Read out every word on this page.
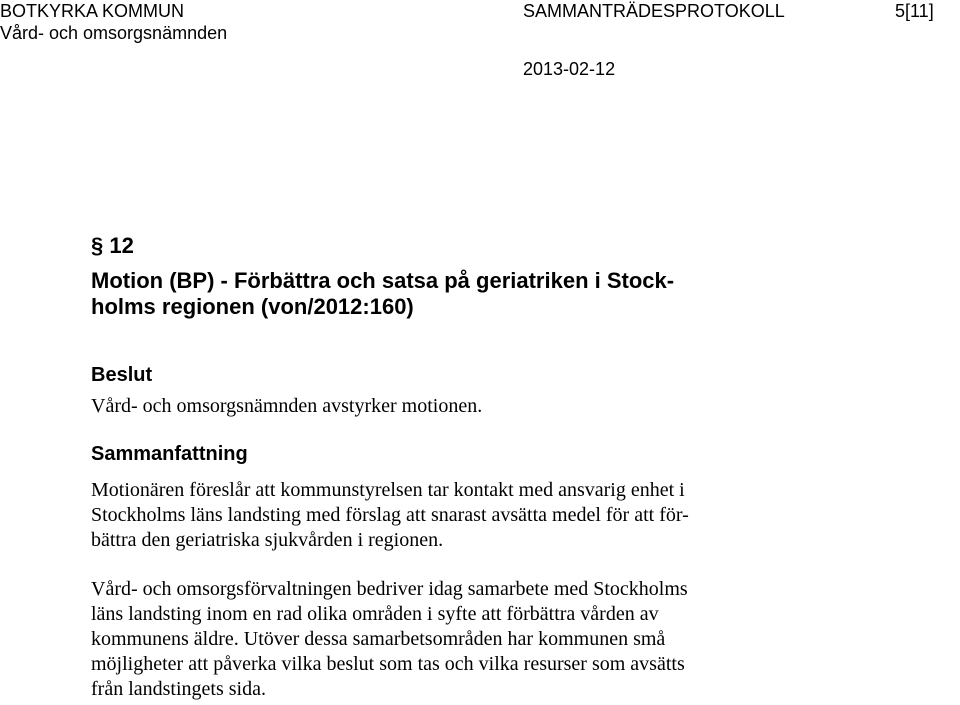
BOTKYRKA KOMMUN
Vård- och omsorgsnämnden
SAMMANTRÄDESPROTOKOLL	5[11]
2013-02-12
§ 12
Motion (BP) - Förbättra och satsa på geriatriken i Stock-
holms regionen (von/2012:160)
Beslut
Vård- och omsorgsnämnden avstyrker motionen.
Sammanfattning
Motionären föreslår att kommunstyrelsen tar kontakt med ansvarig enhet i
Stockholms läns landsting med förslag att snarast avsätta medel för att för-
bättra den geriatriska sjukvården i regionen.
Vård- och omsorgsförvaltningen bedriver idag samarbete med Stockholms
läns landsting inom en rad olika områden i syfte att förbättra vården av
kommunens äldre. Utöver dessa samarbetsområden har kommunen små
möjligheter att påverka vilka beslut som tas och vilka resurser som avsätts
från landstingets sida.
